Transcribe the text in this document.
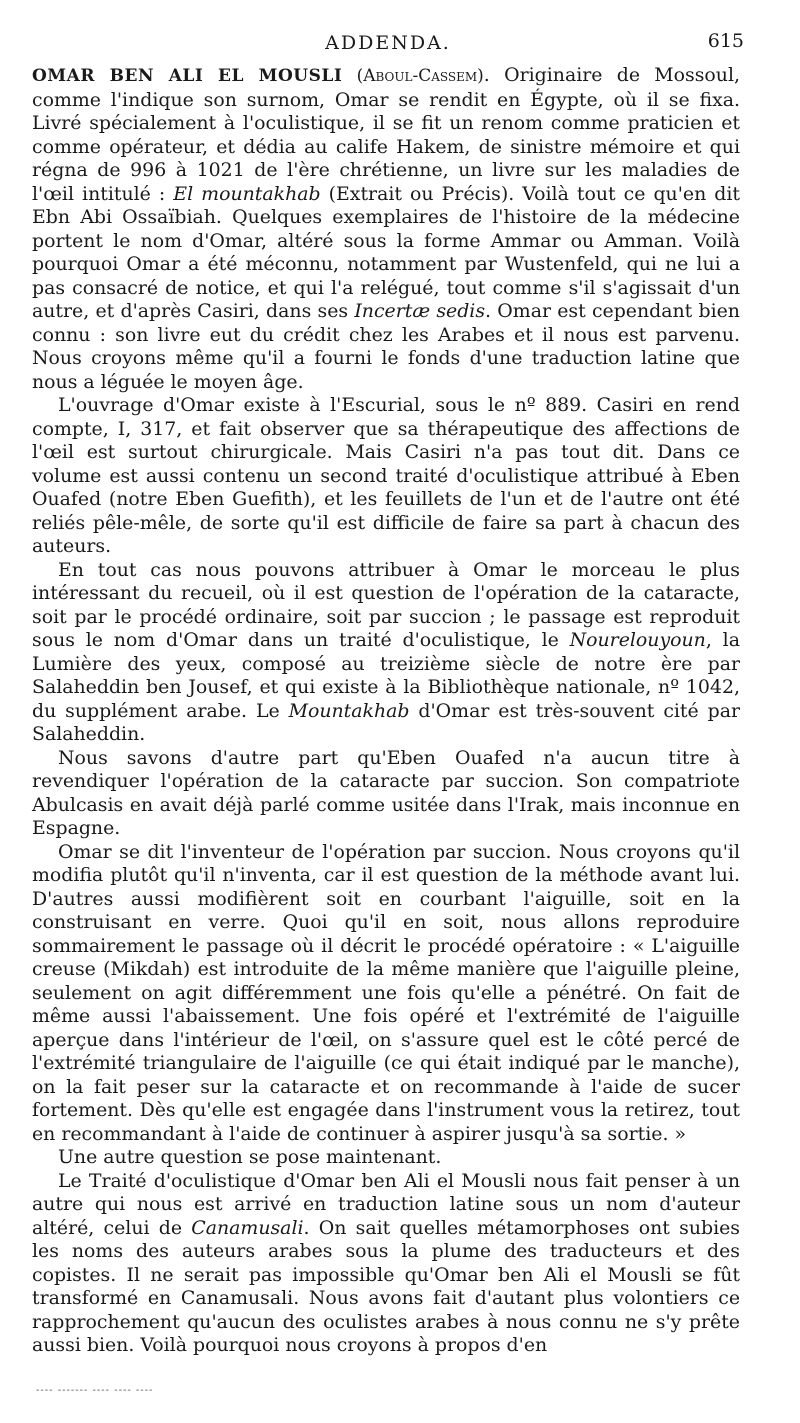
ADDENDA.	615

OMAR BEN ALI EL MOUSLI (Aboul-Cassem). Originaire de Mossoul, comme l'indique son surnom, Omar se rendit en Égypte, où il se fixa. Livré spécialement à l'oculistique, il se fit un renom comme praticien et comme opérateur, et dédia au calife Hakem, de sinistre mémoire et qui régna de 996 à 1021 de l'ère chrétienne, un livre sur les maladies de l'œil intitulé : El mountakhab (Extrait ou Précis). Voilà tout ce qu'en dit Ebn Abi Ossaïbiah. Quelques exemplaires de l'histoire de la médecine portent le nom d'Omar, altéré sous la forme Ammar ou Amman. Voilà pourquoi Omar a été méconnu, notamment par Wustenfeld, qui ne lui a pas consacré de notice, et qui l'a relégué, tout comme s'il s'agissait d'un autre, et d'après Casiri, dans ses Incertæ sedis. Omar est cependant bien connu : son livre eut du crédit chez les Arabes et il nous est parvenu. Nous croyons même qu'il a fourni le fonds d'une traduction latine que nous a léguée le moyen âge.

L'ouvrage d'Omar existe à l'Escurial, sous le nº 889. Casiri en rend compte, I, 317, et fait observer que sa thérapeutique des affections de l'œil est surtout chirurgicale. Mais Casiri n'a pas tout dit. Dans ce volume est aussi contenu un second traité d'oculistique attribué à Eben Ouafed (notre Eben Guefith), et les feuillets de l'un et de l'autre ont été reliés pêle-mêle, de sorte qu'il est difficile de faire sa part à chacun des auteurs.

En tout cas nous pouvons attribuer à Omar le morceau le plus intéressant du recueil, où il est question de l'opération de la cataracte, soit par le procédé ordinaire, soit par succion ; le passage est reproduit sous le nom d'Omar dans un traité d'oculistique, le Nourelouyoun, la Lumière des yeux, composé au treizième siècle de notre ère par Salaheddin ben Jousef, et qui existe à la Bibliothèque nationale, nº 1042, du supplément arabe. Le Mountakhab d'Omar est très-souvent cité par Salaheddin.

Nous savons d'autre part qu'Eben Ouafed n'a aucun titre à revendiquer l'opération de la cataracte par succion. Son compatriote Abulcasis en avait déjà parlé comme usitée dans l'Irak, mais inconnue en Espagne.

Omar se dit l'inventeur de l'opération par succion. Nous croyons qu'il modifia plutôt qu'il n'inventa, car il est question de la méthode avant lui. D'autres aussi modifièrent soit en courbant l'aiguille, soit en la construisant en verre. Quoi qu'il en soit, nous allons reproduire sommairement le passage où il décrit le procédé opératoire : « L'aiguille creuse (Mikdah) est introduite de la même manière que l'aiguille pleine, seulement on agit différemment une fois qu'elle a pénétré. On fait de même aussi l'abaissement. Une fois opéré et l'extrémité de l'aiguille aperçue dans l'intérieur de l'œil, on s'assure quel est le côté percé de l'extrémité triangulaire de l'aiguille (ce qui était indiqué par le manche), on la fait peser sur la cataracte et on recommande à l'aide de sucer fortement. Dès qu'elle est engagée dans l'instrument vous la retirez, tout en recommandant à l'aide de continuer à aspirer jusqu'à sa sortie. »

Une autre question se pose maintenant.

Le Traité d'oculistique d'Omar ben Ali el Mousli nous fait penser à un autre qui nous est arrivé en traduction latine sous un nom d'auteur altéré, celui de Canamusali. On sait quelles métamorphoses ont subies les noms des auteurs arabes sous la plume des traducteurs et des copistes. Il ne serait pas impossible qu'Omar ben Ali el Mousli se fût transformé en Canamusali. Nous avons fait d'autant plus volontiers ce rapprochement qu'aucun des oculistes arabes à nous connu ne s'y prête aussi bien. Voilà pourquoi nous croyons à propos d'en

---- ------- ---- ---- ----
